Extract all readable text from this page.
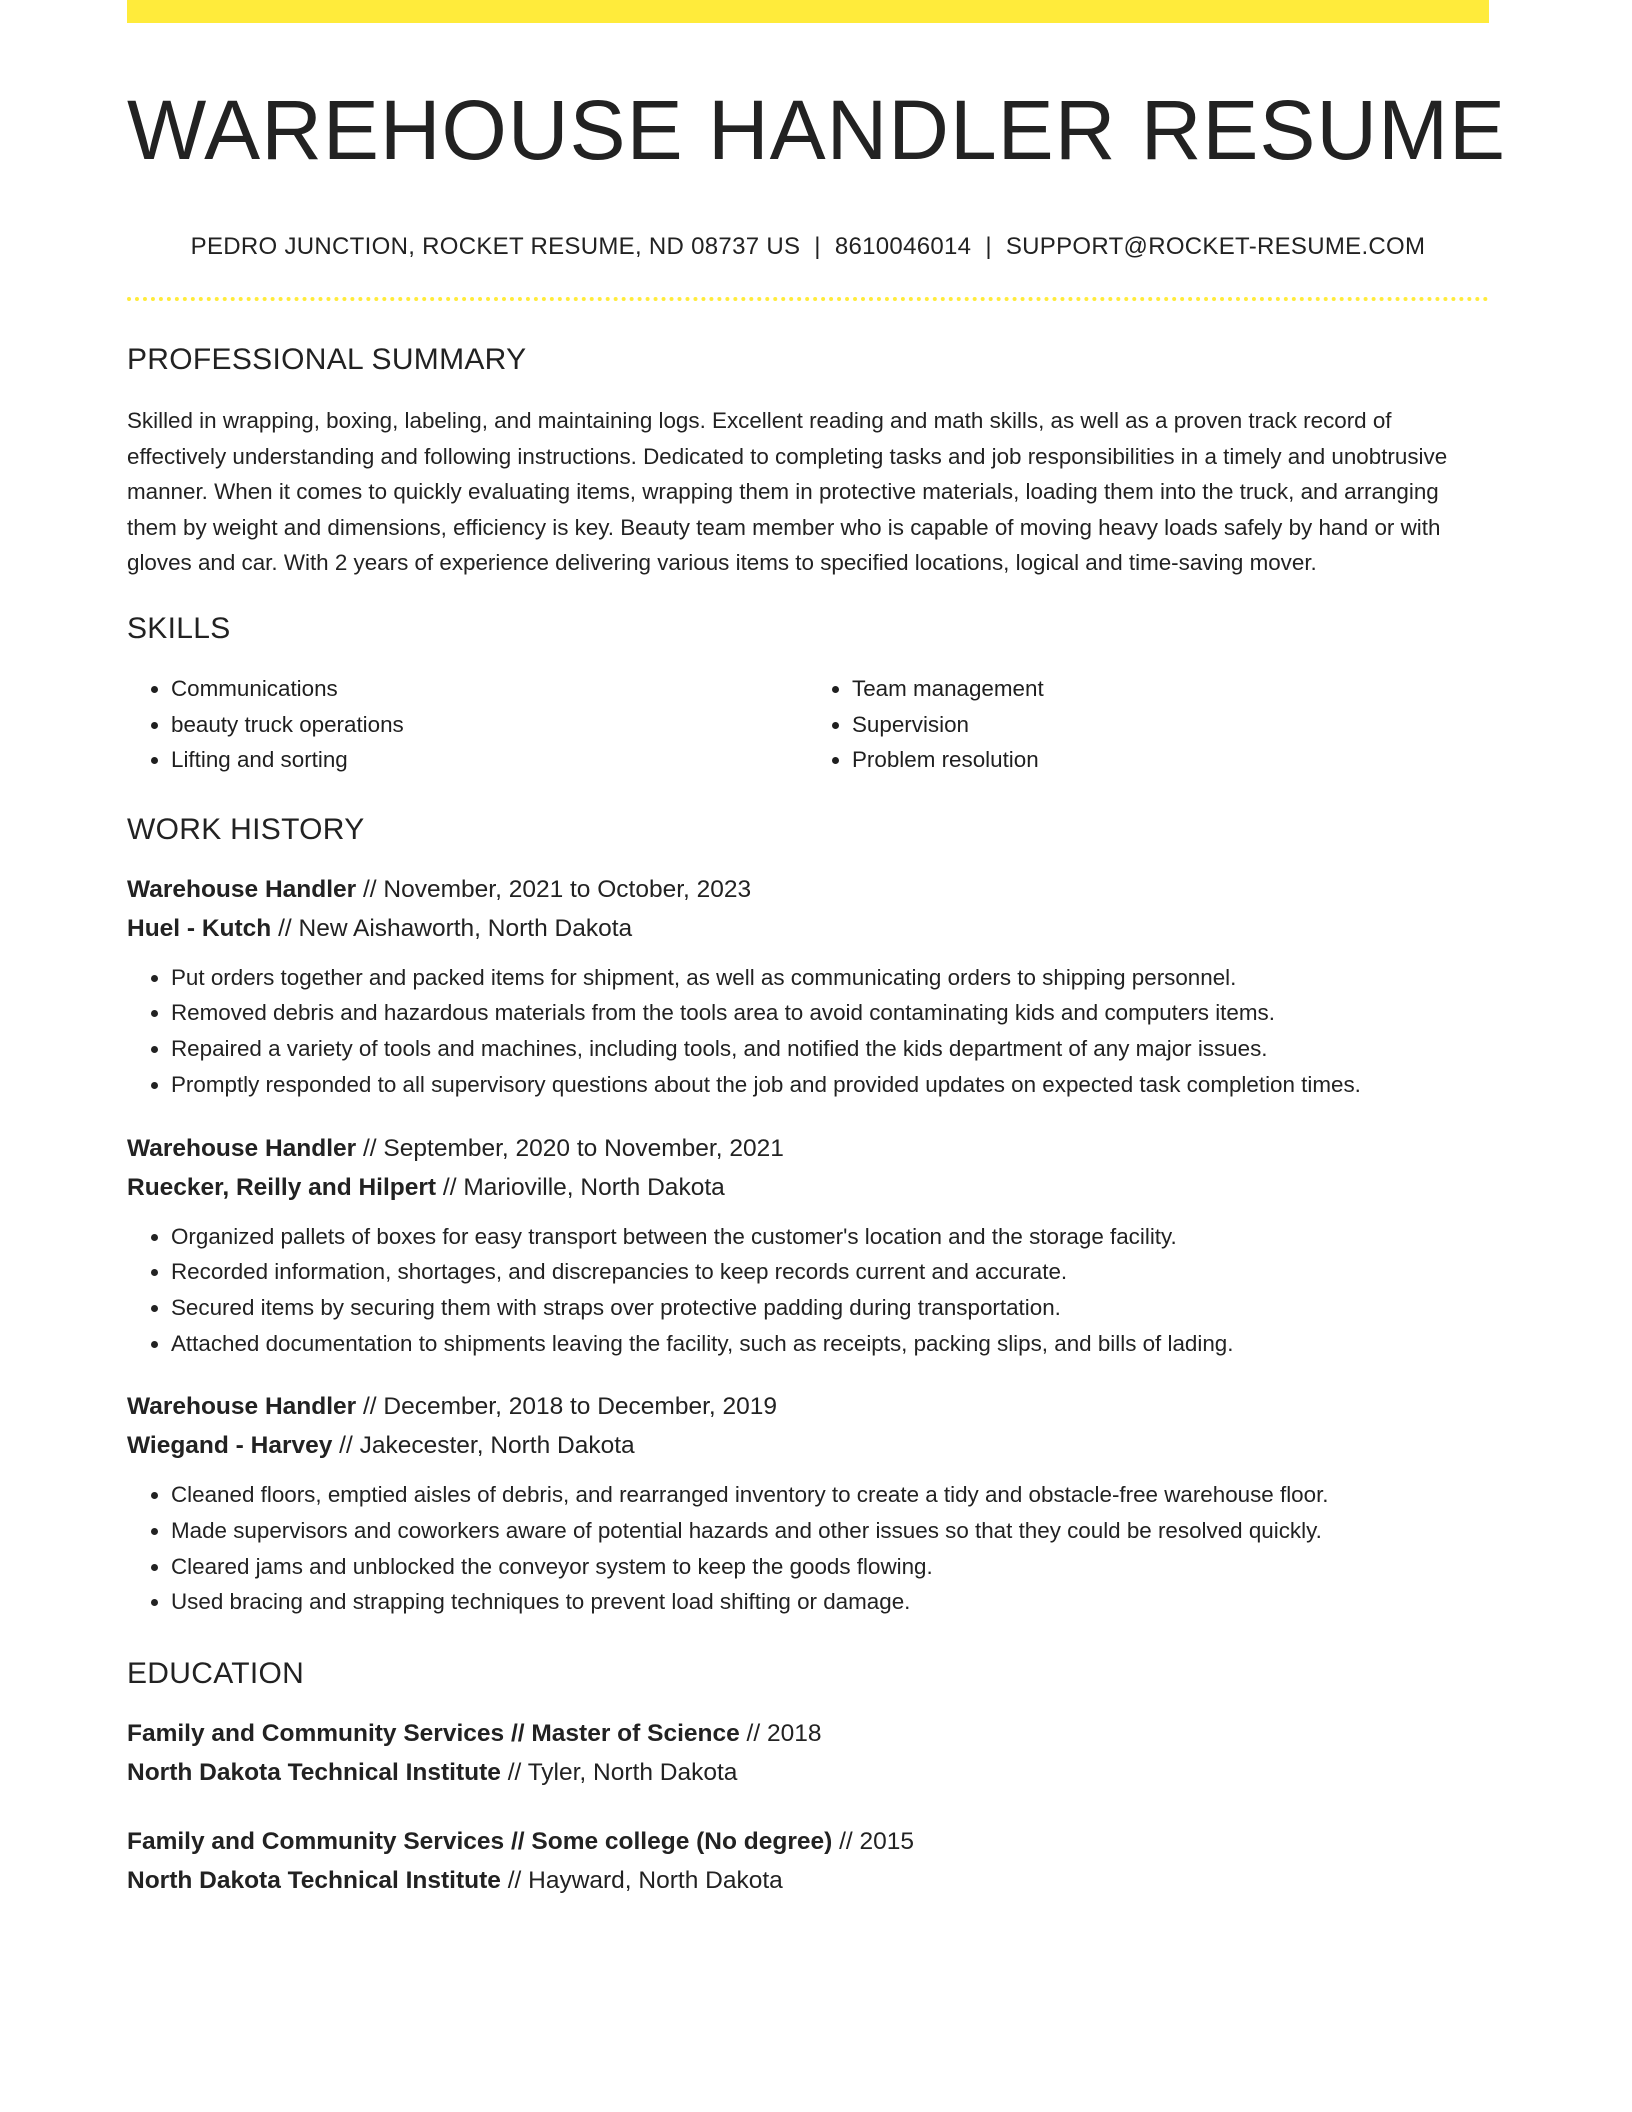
WAREHOUSE HANDLER RESUME
PEDRO JUNCTION, ROCKET RESUME, ND 08737 US | 8610046014 | SUPPORT@ROCKET-RESUME.COM
PROFESSIONAL SUMMARY

Skilled in wrapping, boxing, labeling, and maintaining logs. Excellent reading and math skills, as well as a proven track record of effectively understanding and following instructions. Dedicated to completing tasks and job responsibilities in a timely and unobtrusive manner. When it comes to quickly evaluating items, wrapping them in protective materials, loading them into the truck, and arranging them by weight and dimensions, efficiency is key. Beauty team member who is capable of moving heavy loads safely by hand or with gloves and car. With 2 years of experience delivering various items to specified locations, logical and time-saving mover.

SKILLS
• Communications
• beauty truck operations
• Lifting and sorting
• Team management
• Supervision
• Problem resolution
WORK HISTORY
Warehouse Handler // November, 2021 to October, 2023
Huel - Kutch // New Aishaworth, North Dakota
• Put orders together and packed items for shipment, as well as communicating orders to shipping personnel.
• Removed debris and hazardous materials from the tools area to avoid contaminating kids and computers items.
• Repaired a variety of tools and machines, including tools, and notified the kids department of any major issues.
• Promptly responded to all supervisory questions about the job and provided updates on expected task completion times.
Warehouse Handler // September, 2020 to November, 2021
Ruecker, Reilly and Hilpert // Marioville, North Dakota
• Organized pallets of boxes for easy transport between the customer's location and the storage facility.
• Recorded information, shortages, and discrepancies to keep records current and accurate.
• Secured items by securing them with straps over protective padding during transportation.
• Attached documentation to shipments leaving the facility, such as receipts, packing slips, and bills of lading.
Warehouse Handler // December, 2018 to December, 2019
Wiegand - Harvey // Jakecester, North Dakota
• Cleaned floors, emptied aisles of debris, and rearranged inventory to create a tidy and obstacle-free warehouse floor.
• Made supervisors and coworkers aware of potential hazards and other issues so that they could be resolved quickly.
• Cleared jams and unblocked the conveyor system to keep the goods flowing.
• Used bracing and strapping techniques to prevent load shifting or damage.
EDUCATION
Family and Community Services // Master of Science // 2018
North Dakota Technical Institute // Tyler, North Dakota
Family and Community Services // Some college (No degree) // 2015
North Dakota Technical Institute // Hayward, North Dakota
